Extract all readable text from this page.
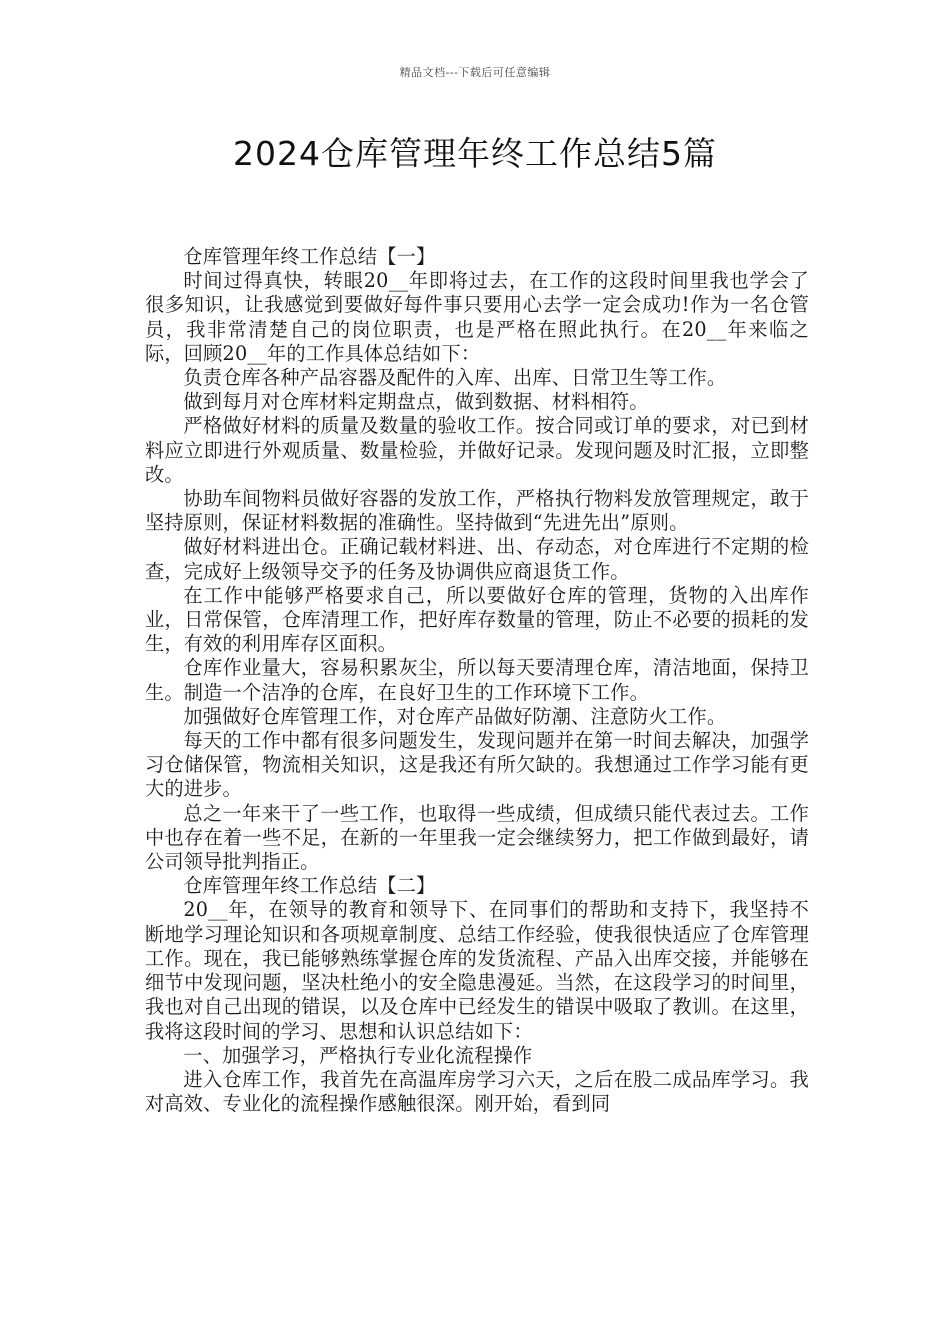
精品文档---下载后可任意编辑
2024仓库管理年终工作总结5篇

仓库管理年终工作总结【一】

时间过得真快，转眼20__年即将过去，在工作的这段时间里我也学会了很多知识，让我感觉到要做好每件事只要用心去学一定会成功!作为一名仓管员，我非常清楚自己的岗位职责，也是严格在照此执行。在20__年来临之际，回顾20__年的工作具体总结如下：

负责仓库各种产品容器及配件的入库、出库、日常卫生等工作。

做到每月对仓库材料定期盘点，做到数据、材料相符。

严格做好材料的质量及数量的验收工作。按合同或订单的要求，对已到材料应立即进行外观质量、数量检验，并做好记录。发现问题及时汇报，立即整改。

协助车间物料员做好容器的发放工作，严格执行物料发放管理规定，敢于坚持原则，保证材料数据的准确性。坚持做到“先进先出”原则。

做好材料进出仓。正确记载材料进、出、存动态，对仓库进行不定期的检查，完成好上级领导交予的任务及协调供应商退货工作。

在工作中能够严格要求自己，所以要做好仓库的管理，货物的入出库作业，日常保管，仓库清理工作，把好库存数量的管理，防止不必要的损耗的发生，有效的利用库存区面积。

仓库作业量大，容易积累灰尘，所以每天要清理仓库，清洁地面，保持卫生。制造一个洁净的仓库，在良好卫生的工作环境下工作。

加强做好仓库管理工作，对仓库产品做好防潮、注意防火工作。

每天的工作中都有很多问题发生，发现问题并在第一时间去解决，加强学习仓储保管，物流相关知识，这是我还有所欠缺的。我想通过工作学习能有更大的进步。

总之一年来干了一些工作，也取得一些成绩，但成绩只能代表过去。工作中也存在着一些不足，在新的一年里我一定会继续努力，把工作做到最好，请公司领导批判指正。

仓库管理年终工作总结【二】

20__年，在领导的教育和领导下、在同事们的帮助和支持下，我坚持不断地学习理论知识和各项规章制度、总结工作经验，使我很快适应了仓库管理工作。现在，我已能够熟练掌握仓库的发货流程、产品入出库交接，并能够在细节中发现问题，坚决杜绝小的安全隐患漫延。当然，在这段学习的时间里，我也对自己出现的错误，以及仓库中已经发生的错误中吸取了教训。在这里，我将这段时间的学习、思想和认识总结如下：

一、加强学习，严格执行专业化流程操作

进入仓库工作，我首先在高温库房学习六天，之后在股二成品库学习。我对高效、专业化的流程操作感触很深。刚开始，看到同
